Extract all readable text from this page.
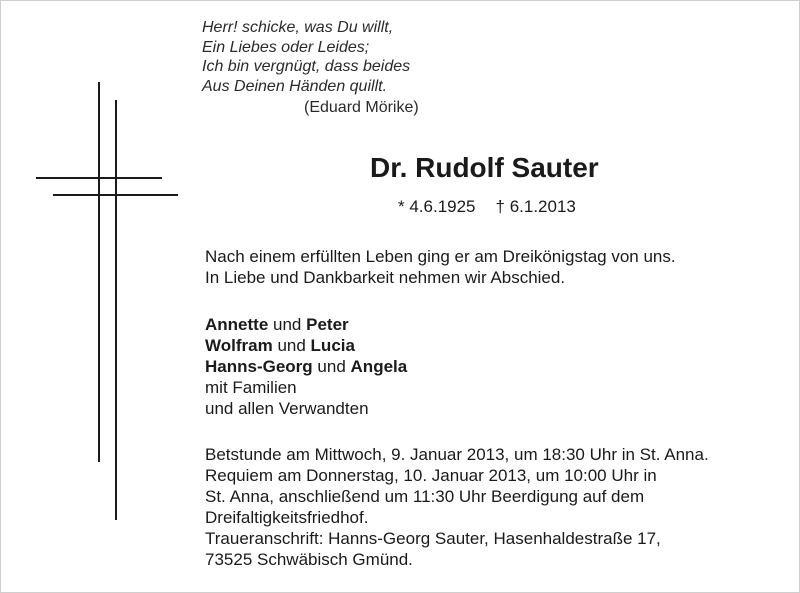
Herr! schicke, was Du willt,
Ein Liebes oder Leides;
Ich bin vergnügt, dass beides
Aus Deinen Händen quillt.
(Eduard Mörike)
Dr. Rudolf Sauter
* 4.6.1925 † 6.1.2013
Nach einem erfüllten Leben ging er am Dreikönigstag von uns.
In Liebe und Dankbarkeit nehmen wir Abschied.
Annette und Peter
Wolfram und Lucia
Hanns-Georg und Angela
mit Familien
und allen Verwandten
Betstunde am Mittwoch, 9. Januar 2013, um 18:30 Uhr in St. Anna.
Requiem am Donnerstag, 10. Januar 2013, um 10:00 Uhr in
St. Anna, anschließend um 11:30 Uhr Beerdigung auf dem
Dreifaltigkeitsfriedhof.
Traueranschrift: Hanns-Georg Sauter, Hasenhaldestraße 17,
73525 Schwäbisch Gmünd.
